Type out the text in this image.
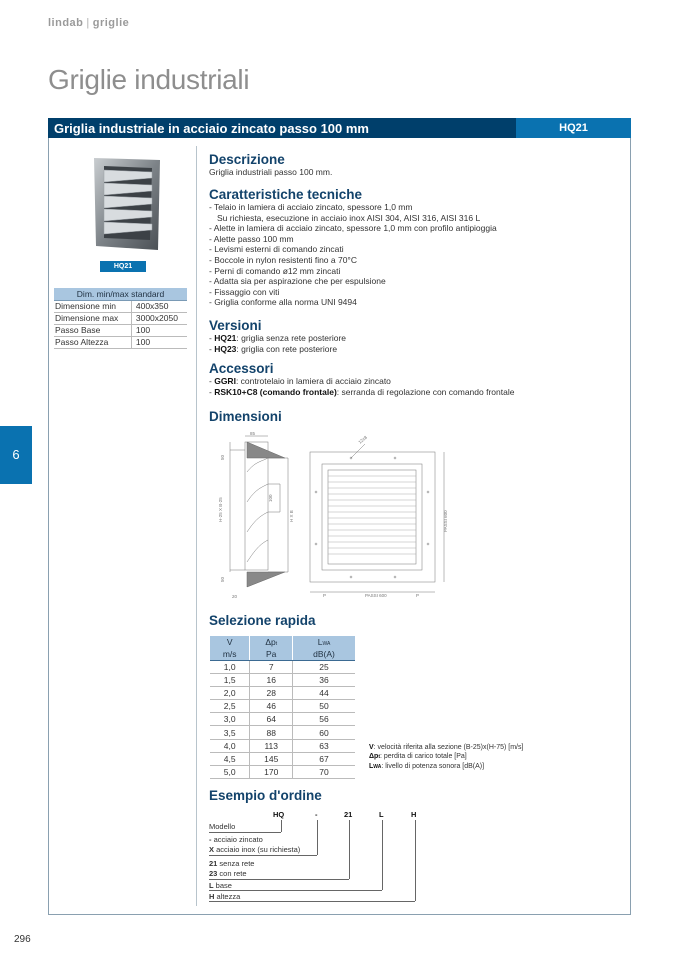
lindab | griglie
Griglie industriali
Griglia industriale in acciaio zincato passo 100 mm	HQ21
HQ21
Dim. min/max standard	
Dimensione min	400x350
Dimensione max	3000x2050
Passo Base	100
Passo Altezza	100
Descrizione
Griglia industriali passo 100 mm.
Caratteristiche tecniche
- Telaio in lamiera di acciaio zincato, spessore 1,0 mm
Su richiesta, esecuzione in acciaio inox AISI 304, AISI 316, AISI 316 L
- Alette in lamiera di acciaio zincato, spessore 1,0 mm con profilo antipioggia
- Alette passo 100 mm
- Levismi esterni di comando zincati
- Boccole in nylon resistenti fino a 70°C
- Perni di comando ø12 mm zincati
- Adatta sia per aspirazione che per espulsione
- Fissaggio con viti
- Griglia conforme alla norma UNI 9494
Versioni
- HQ21: griglia senza rete posteriore
- HQ23: griglia con rete posteriore
Accessori
- GGRI: controtelaio in lamiera di acciaio zincato
- RSK10+C8 (comando frontale): serranda di regolazione con comando frontale
Dimensioni
85
H-25 X B-25	100
H X B
50
50
20
12x8
PASSI 600
P	P
PASSI 600
Selezione rapida
V	Δpt	LWA
m/s	Pa	dB(A)
1,0	7	25
1,5	16	36
2,0	28	44
2,5	46	50
3,0	64	56
3,5	88	60
4,0	113	63
4,5	145	67
5,0	170	70
V: velocità riferita alla sezione (B-25)x(H-75) [m/s]
Δpt: perdita di carico totale [Pa]
LWA: livello di potenza sonora [dB(A)]
Esempio d'ordine
HQ	-	21	L	H
Modello
- acciaio zincato
X acciaio inox (su richiesta)
21 senza rete
23 con rete
L base
H altezza
6
296
